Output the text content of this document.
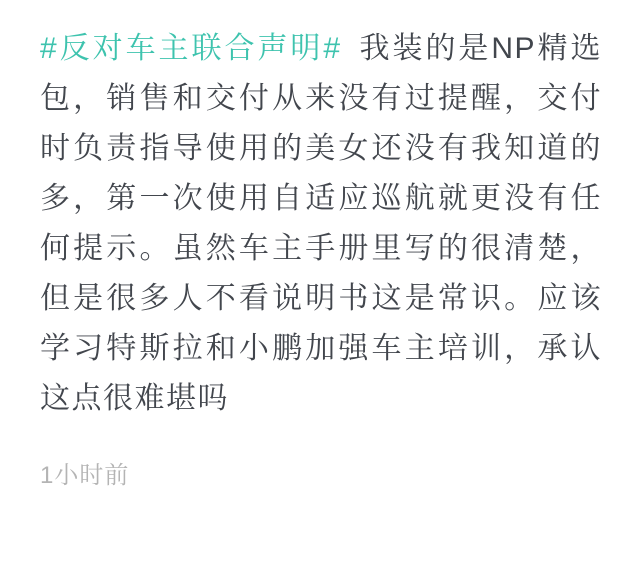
#反对车主联合声明# 我装的是NP精选包，销售和交付从来没有过提醒，交付时负责指导使用的美女还没有我知道的多，第一次使用自适应巡航就更没有任何提示。虽然车主手册里写的很清楚，但是很多人不看说明书这是常识。应该学习特斯拉和小鹏加强车主培训，承认这点很难堪吗

1小时前
